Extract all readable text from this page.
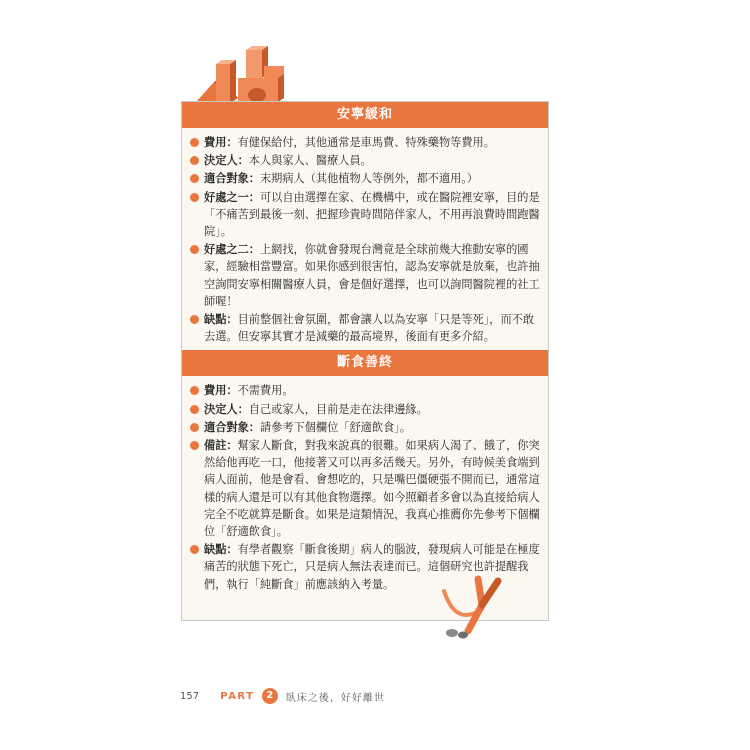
安寧緩和
費用：有健保給付，其他通常是車馬費、特殊藥物等費用。
決定人：本人與家人、醫療人員。
適合對象：末期病人（其他植物人等例外，都不適用。）
好處之一：可以自由選擇在家、在機構中，或在醫院裡安寧，目的是「不痛苦到最後一刻、把握珍貴時間陪伴家人，不用再浪費時間跑醫院」。
好處之二：上網找，你就會發現台灣竟是全球前幾大推動安寧的國家，經驗相當豐富。如果你感到很害怕，認為安寧就是放棄，也許抽空詢問安寧相關醫療人員，會是個好選擇，也可以詢問醫院裡的社工師喔！
缺點：目前整個社會氛圍，都會讓人以為安寧「只是等死」，而不敢去選。但安寧其實才是減藥的最高境界，後面有更多介紹。
斷食善終
費用：不需費用。
決定人：自己或家人，目前是走在法律邊緣。
適合對象：請參考下個欄位「舒適飲食」。
備註：幫家人斷食，對我來說真的很難。如果病人渴了、餓了，你突然給他再吃一口，他接著又可以再多活幾天。另外，有時候美食端到病人面前，他是會看、會想吃的，只是嘴巴僵硬張不開而已，通常這樣的病人還是可以有其他食物選擇。如今照顧者多會以為直接給病人完全不吃就算是斷食。如果是這類情況，我真心推薦你先參考下個欄位「舒適飲食」。
缺點：有學者觀察「斷食後期」病人的腦波，發現病人可能是在極度痛苦的狀態下死亡，只是病人無法表達而已。這個研究也許提醒我們，執行「純斷食」前應該納入考量。
157 PART 2 臥床之後，好好離世
